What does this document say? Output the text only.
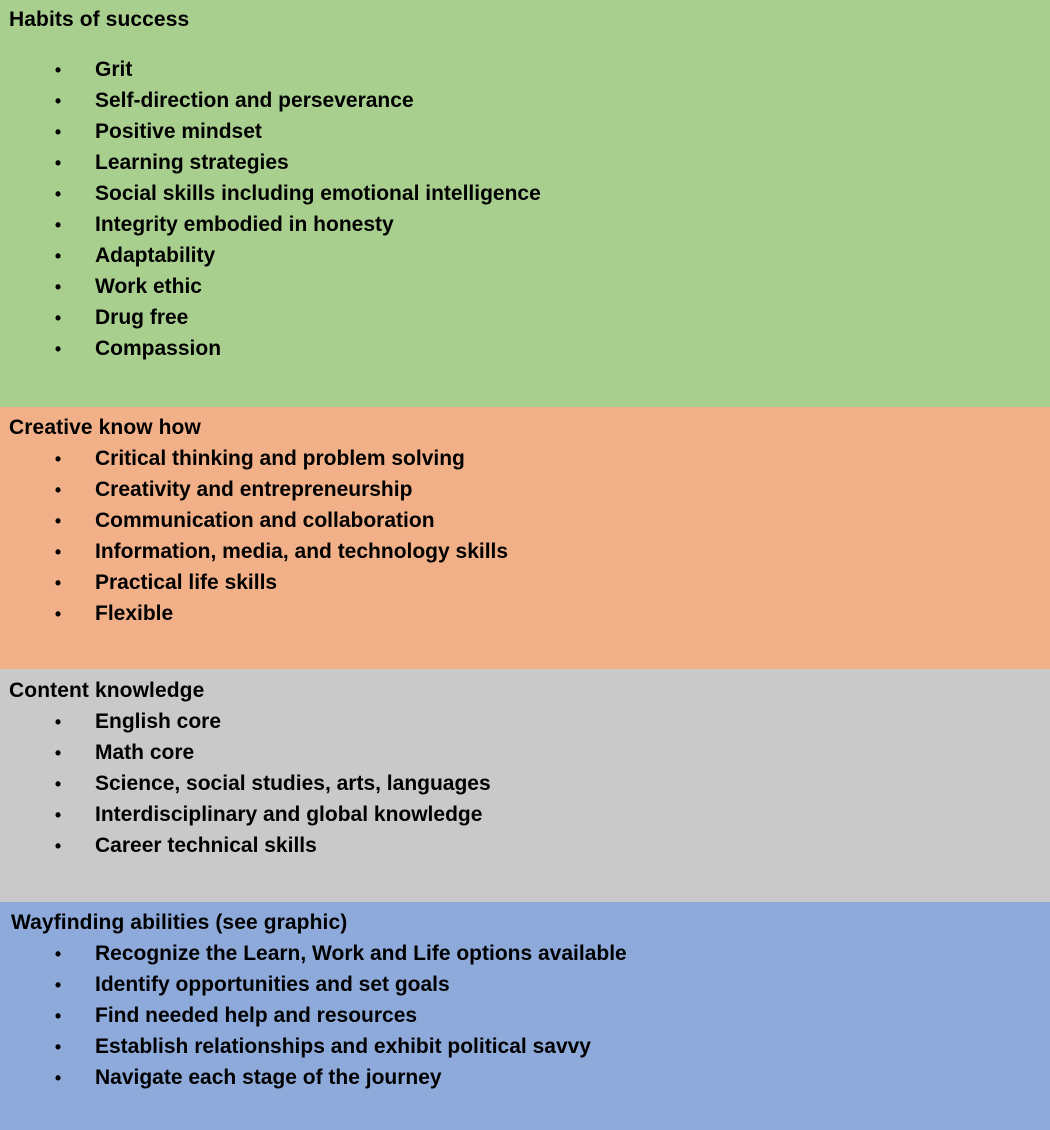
Habits of success
• Grit
• Self-direction and perseverance
• Positive mindset
• Learning strategies
• Social skills including emotional intelligence
• Integrity embodied in honesty
• Adaptability
• Work ethic
• Drug free
• Compassion
Creative know how
• Critical thinking and problem solving
• Creativity and entrepreneurship
• Communication and collaboration
• Information, media, and technology skills
• Practical life skills
• Flexible
Content knowledge
• English core
• Math core
• Science, social studies, arts, languages
• Interdisciplinary and global knowledge
• Career technical skills
Wayfinding abilities (see graphic)
• Recognize the Learn, Work and Life options available
• Identify opportunities and set goals
• Find needed help and resources
• Establish relationships and exhibit political savvy
• Navigate each stage of the journey
